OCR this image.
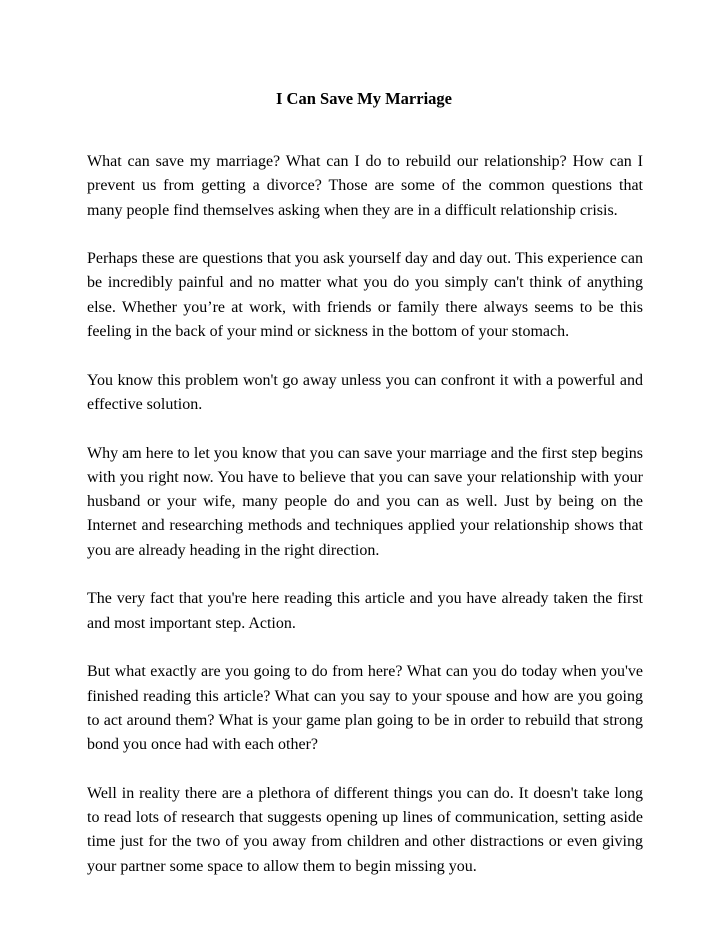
I Can Save My Marriage

What can save my marriage? What can I do to rebuild our relationship? How can I prevent us from getting a divorce? Those are some of the common questions that many people find themselves asking when they are in a difficult relationship crisis.

Perhaps these are questions that you ask yourself day and day out. This experience can be incredibly painful and no matter what you do you simply can't think of anything else. Whether you’re at work, with friends or family there always seems to be this feeling in the back of your mind or sickness in the bottom of your stomach.

You know this problem won't go away unless you can confront it with a powerful and effective solution.

Why am here to let you know that you can save your marriage and the first step begins with you right now. You have to believe that you can save your relationship with your husband or your wife, many people do and you can as well. Just by being on the Internet and researching methods and techniques applied your relationship shows that you are already heading in the right direction.

The very fact that you're here reading this article and you have already taken the first and most important step. Action.

But what exactly are you going to do from here? What can you do today when you've finished reading this article? What can you say to your spouse and how are you going to act around them? What is your game plan going to be in order to rebuild that strong bond you once had with each other?

Well in reality there are a plethora of different things you can do. It doesn't take long to read lots of research that suggests opening up lines of communication, setting aside time just for the two of you away from children and other distractions or even giving your partner some space to allow them to begin missing you.
